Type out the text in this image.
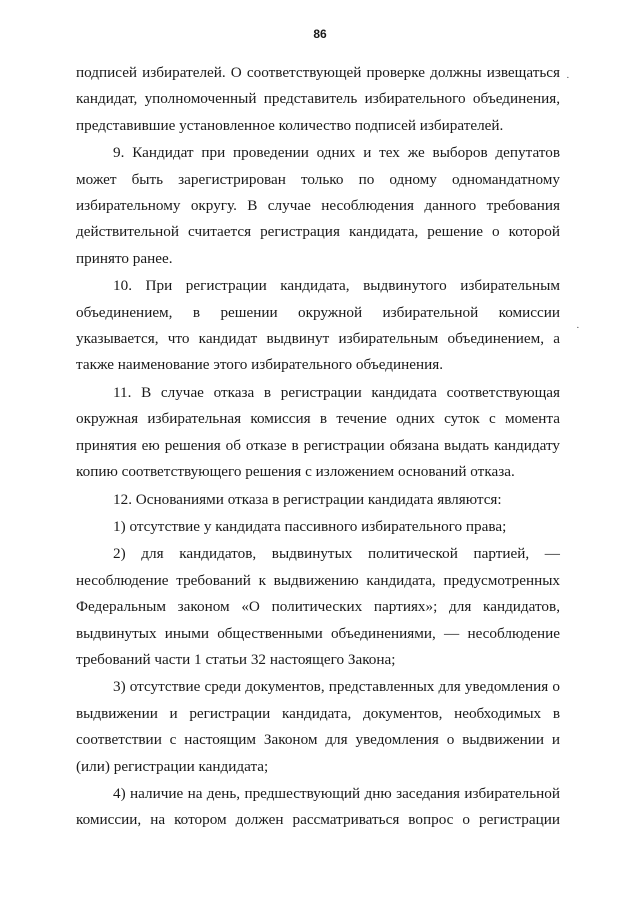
86
·
·

подписей избирателей. О соответствующей проверке должны извещаться кандидат, уполномоченный представитель избирательного объединения, представившие установленное количество подписей избирателей.

9. Кандидат при проведении одних и тех же выборов депутатов может быть зарегистрирован только по одному одномандатному избирательному округу. В случае несоблюдения данного требования действительной считается регистрация кандидата, решение о которой принято ранее.

10. При регистрации кандидата, выдвинутого избирательным объединением, в решении окружной избирательной комиссии указывается, что кандидат выдвинут избирательным объединением, а также наименование этого избирательного объединения.

11. В случае отказа в регистрации кандидата соответствующая окружная избирательная комиссия в течение одних суток с момента принятия ею решения об отказе в регистрации обязана выдать кандидату копию соответствующего решения с изложением оснований отказа.

12. Основаниями отказа в регистрации кандидата являются:

1) отсутствие у кандидата пассивного избирательного права;

2) для кандидатов, выдвинутых политической партией, — несоблюдение требований к выдвижению кандидата, предусмотренных Федеральным законом «О политических партиях»; для кандидатов, выдвинутых иными общественными объединениями, — несоблюдение требований части 1 статьи 32 настоящего Закона;

3) отсутствие среди документов, представленных для уведомления о выдвижении и регистрации кандидата, документов, необходимых в соответствии с настоящим Законом для уведомления о выдвижении и (или) регистрации кандидата;

4) наличие на день, предшествующий дню заседания избирательной комиссии, на котором должен рассматриваться вопрос о регистрации
